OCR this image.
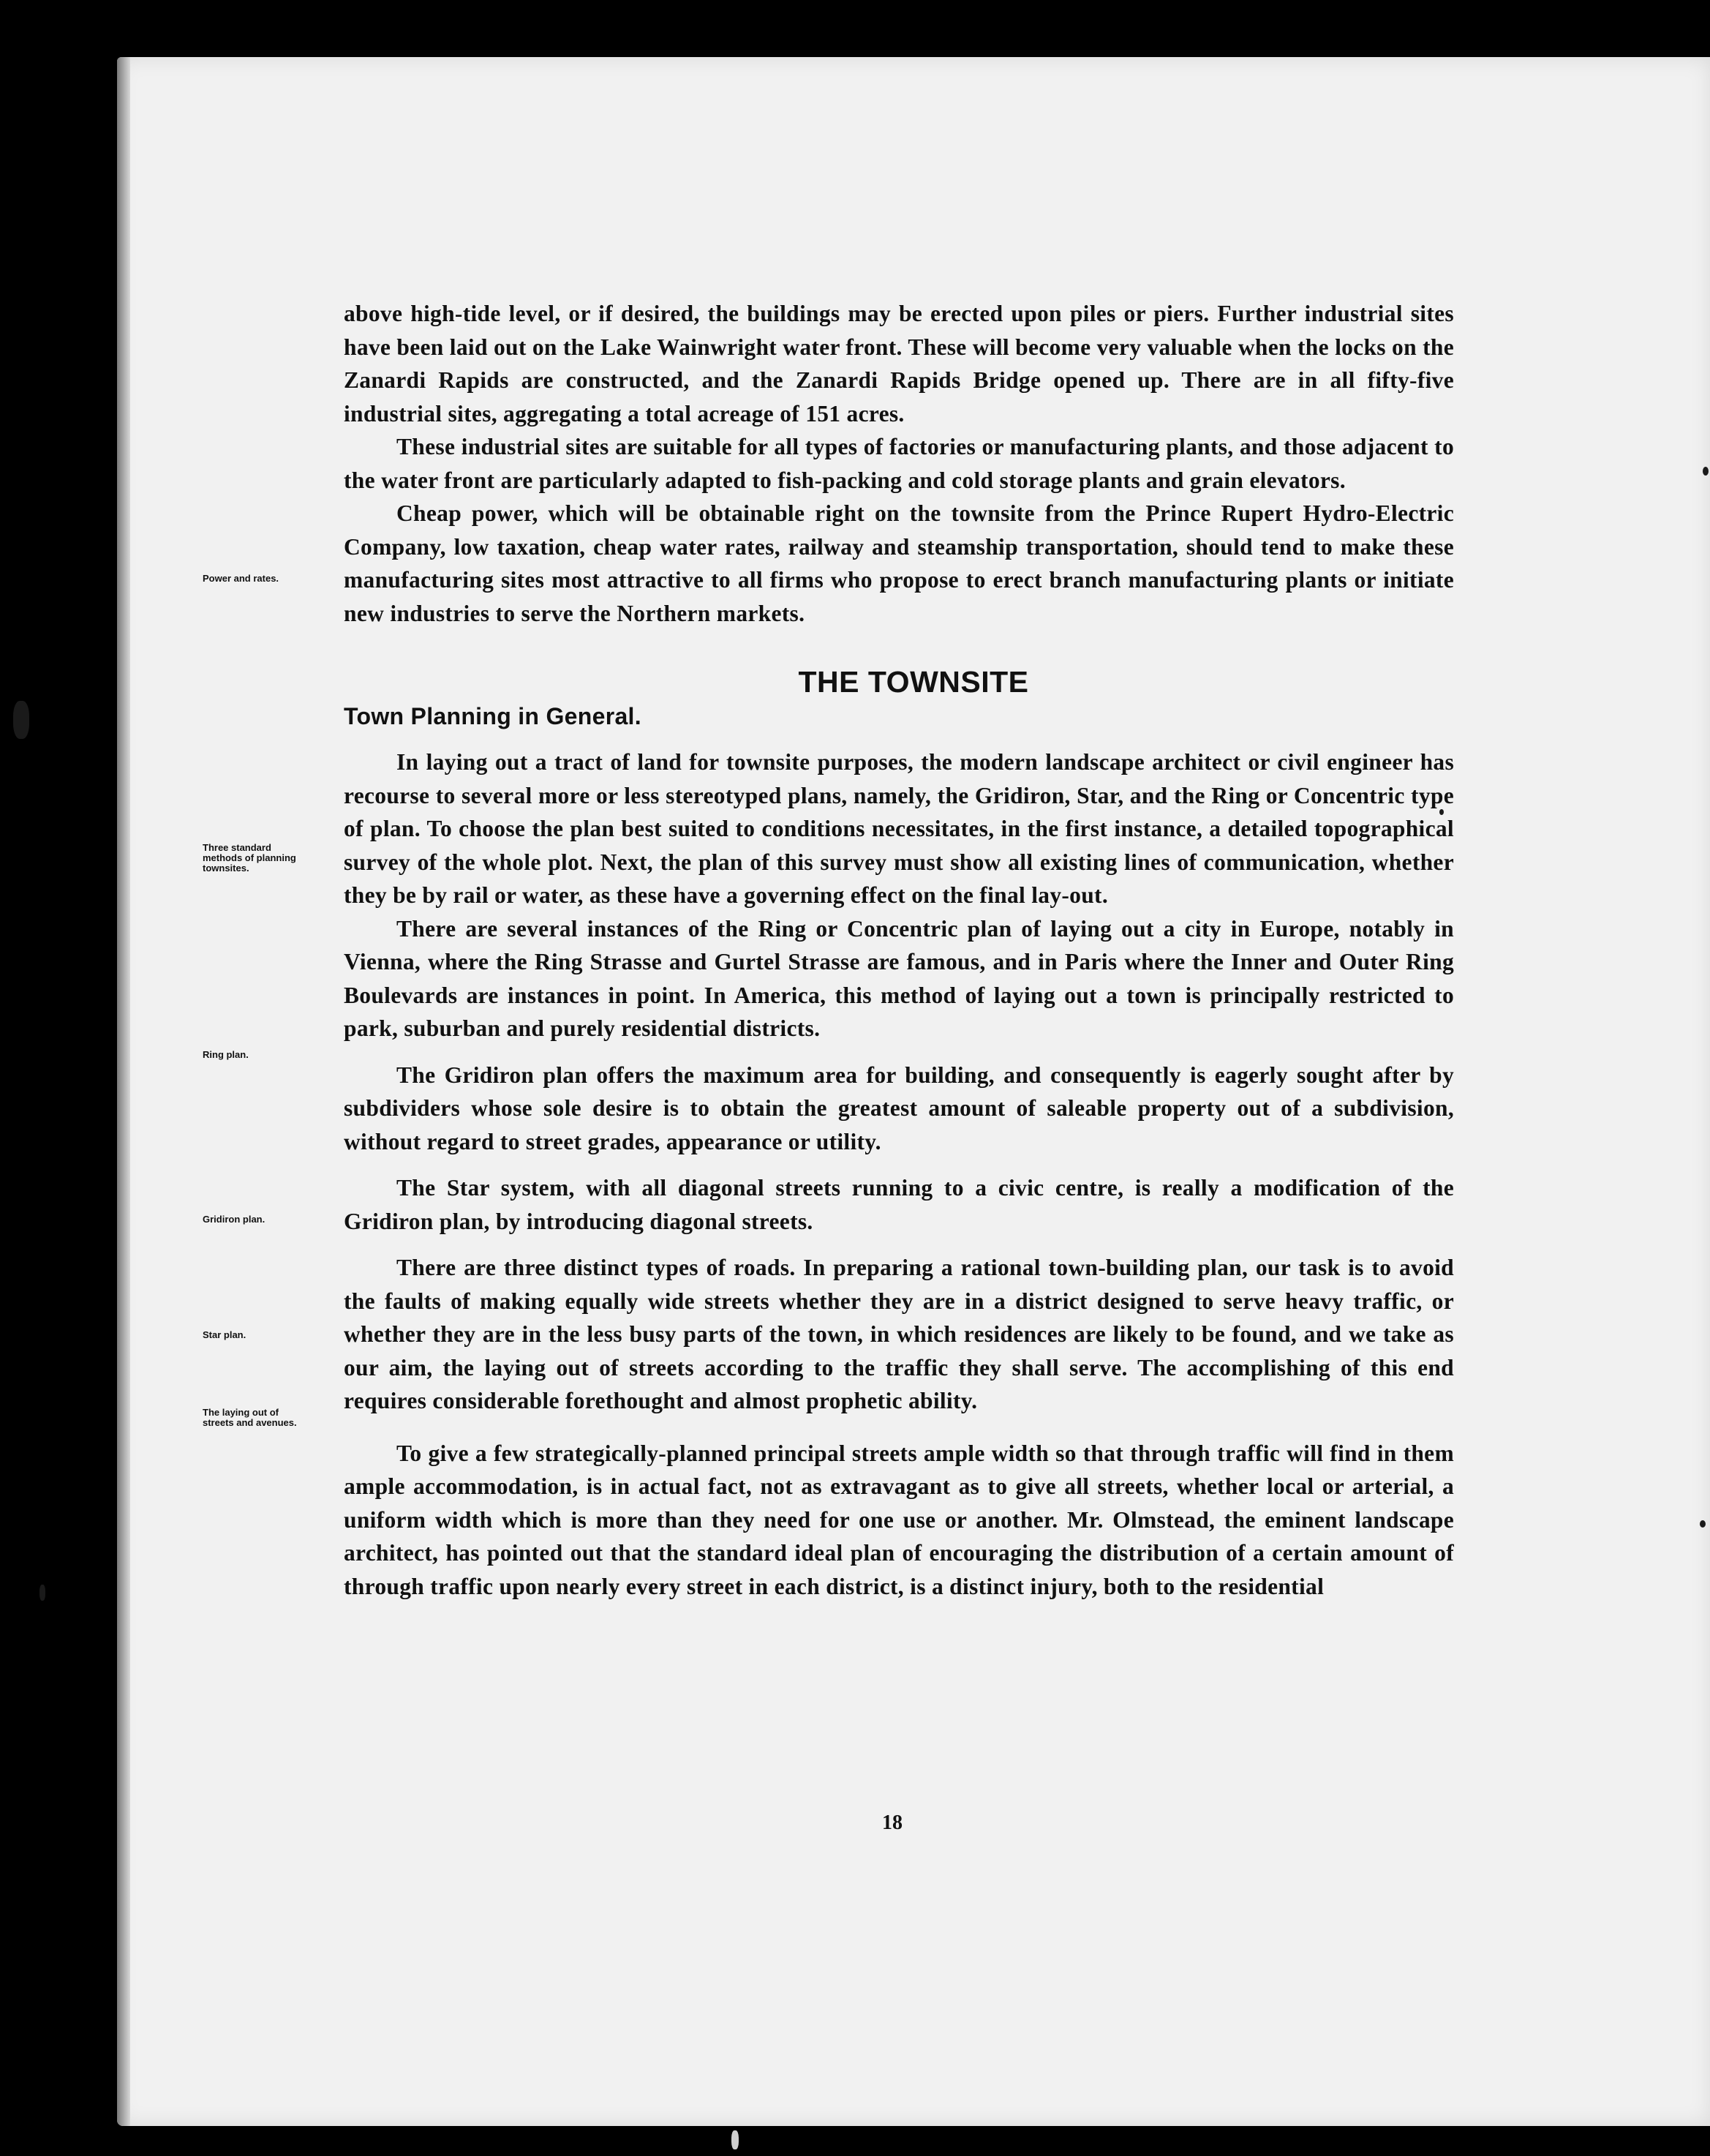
Power and rates.
Three standard methods of planning townsites.
Ring plan.
Gridiron plan.
Star plan.
The laying out of streets and avenues.

above high-tide level, or if desired, the buildings may be erected upon piles or piers. Further industrial sites have been laid out on the Lake Wainwright water front. These will become very valuable when the locks on the Zanardi Rapids are constructed, and the Zanardi Rapids Bridge opened up. There are in all fifty-five industrial sites, aggregating a total acreage of 151 acres.

These industrial sites are suitable for all types of factories or manufacturing plants, and those adjacent to the water front are particularly adapted to fish-packing and cold storage plants and grain elevators.

Cheap power, which will be obtainable right on the townsite from the Prince Rupert Hydro-Electric Company, low taxation, cheap water rates, railway and steamship transportation, should tend to make these manufacturing sites most attractive to all firms who propose to erect branch manufacturing plants or initiate new industries to serve the Northern markets.

THE TOWNSITE
Town Planning in General.

In laying out a tract of land for townsite purposes, the modern landscape architect or civil engineer has recourse to several more or less stereotyped plans, namely, the Gridiron, Star, and the Ring or Concentric type of plan. To choose the plan best suited to conditions necessitates, in the first instance, a detailed topographical survey of the whole plot. Next, the plan of this survey must show all existing lines of communication, whether they be by rail or water, as these have a governing effect on the final lay-out.

There are several instances of the Ring or Concentric plan of laying out a city in Europe, notably in Vienna, where the Ring Strasse and Gurtel Strasse are famous, and in Paris where the Inner and Outer Ring Boulevards are instances in point. In America, this method of laying out a town is principally restricted to park, suburban and purely residential districts.

The Gridiron plan offers the maximum area for building, and consequently is eagerly sought after by subdividers whose sole desire is to obtain the greatest amount of saleable property out of a subdivision, without regard to street grades, appearance or utility.

The Star system, with all diagonal streets running to a civic centre, is really a modification of the Gridiron plan, by introducing diagonal streets.

There are three distinct types of roads. In preparing a rational town-building plan, our task is to avoid the faults of making equally wide streets whether they are in a district designed to serve heavy traffic, or whether they are in the less busy parts of the town, in which residences are likely to be found, and we take as our aim, the laying out of streets according to the traffic they shall serve. The accomplishing of this end requires considerable forethought and almost prophetic ability.

To give a few strategically-planned principal streets ample width so that through traffic will find in them ample accommodation, is in actual fact, not as extravagant as to give all streets, whether local or arterial, a uniform width which is more than they need for one use or another. Mr. Olmstead, the eminent landscape architect, has pointed out that the standard ideal plan of encouraging the distribution of a certain amount of through traffic upon nearly every street in each district, is a distinct injury, both to the residential

18
